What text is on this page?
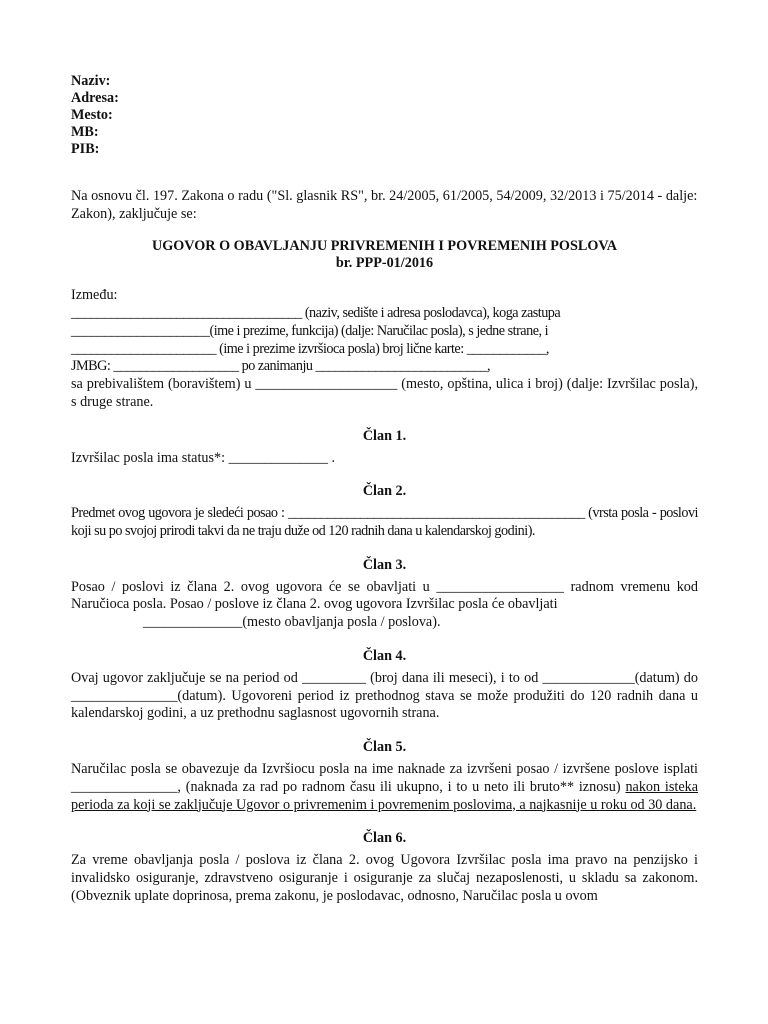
Naziv:
Adresa:
Mesto:
MB:
PIB:

Na osnovu čl. 197. Zakona o radu ("Sl. glasnik RS", br. 24/2005, 61/2005, 54/2009, 32/2013 i 75/2014 - dalje: Zakon), zaključuje se:

UGOVOR O OBAVLJANJU PRIVREMENIH I POVREMENIH POSLOVA
br. PPP-01/2016

Između:

___________________________________ (naziv, sedište i adresa poslodavca), koga zastupa

_____________________(ime i prezime, funkcija) (dalje: Naručilac posla), s jedne strane, i

______________________ (ime i prezime izvršioca posla) broj lične karte: ____________,

JMBG: ___________________ po zanimanju __________________________,

sa prebivalištem (boravištem) u ____________________ (mesto, opština, ulica i broj) (dalje: Izvršilac posla), s druge strane.

Član 1.

Izvršilac posla ima status*: ______________ .

Član 2.

Predmet ovog ugovora je sledeći posao : _____________________________________________ (vrsta posla - poslovi koji su po svojoj prirodi takvi da ne traju duže od 120 radnih dana u kalendarskoj godini).

Član 3.

Posao / poslovi iz člana 2. ovog ugovora će se obavljati u __________________ radnom vremenu kod Naručioca posla. Posao / poslove iz člana 2. ovog ugovora Izvršilac posla će obavljati

______________(mesto obavljanja posla / poslova).

Član 4.

Ovaj ugovor zaključuje se na period od _________ (broj dana ili meseci), i to od _____________(datum) do _______________(datum). Ugovoreni period iz prethodnog stava se može produžiti do 120 radnih dana u kalendarskoj godini, a uz prethodnu saglasnost ugovornih strana.

Član 5.

Naručilac posla se obavezuje da Izvršiocu posla na ime naknade za izvršeni posao / izvršene poslove isplati _______________, (naknada za rad po radnom času ili ukupno, i to u neto ili bruto** iznosu) nakon isteka perioda za koji se zaključuje Ugovor o privremenim i povremenim poslovima, a najkasnije u roku od 30 dana.

Član 6.

Za vreme obavljanja posla / poslova iz člana 2. ovog Ugovora Izvršilac posla ima pravo na penzijsko i invalidsko osiguranje, zdravstveno osiguranje i osiguranje za slučaj nezaposlenosti, u skladu sa zakonom. (Obveznik uplate doprinosa, prema zakonu, je poslodavac, odnosno, Naručilac posla u ovom
